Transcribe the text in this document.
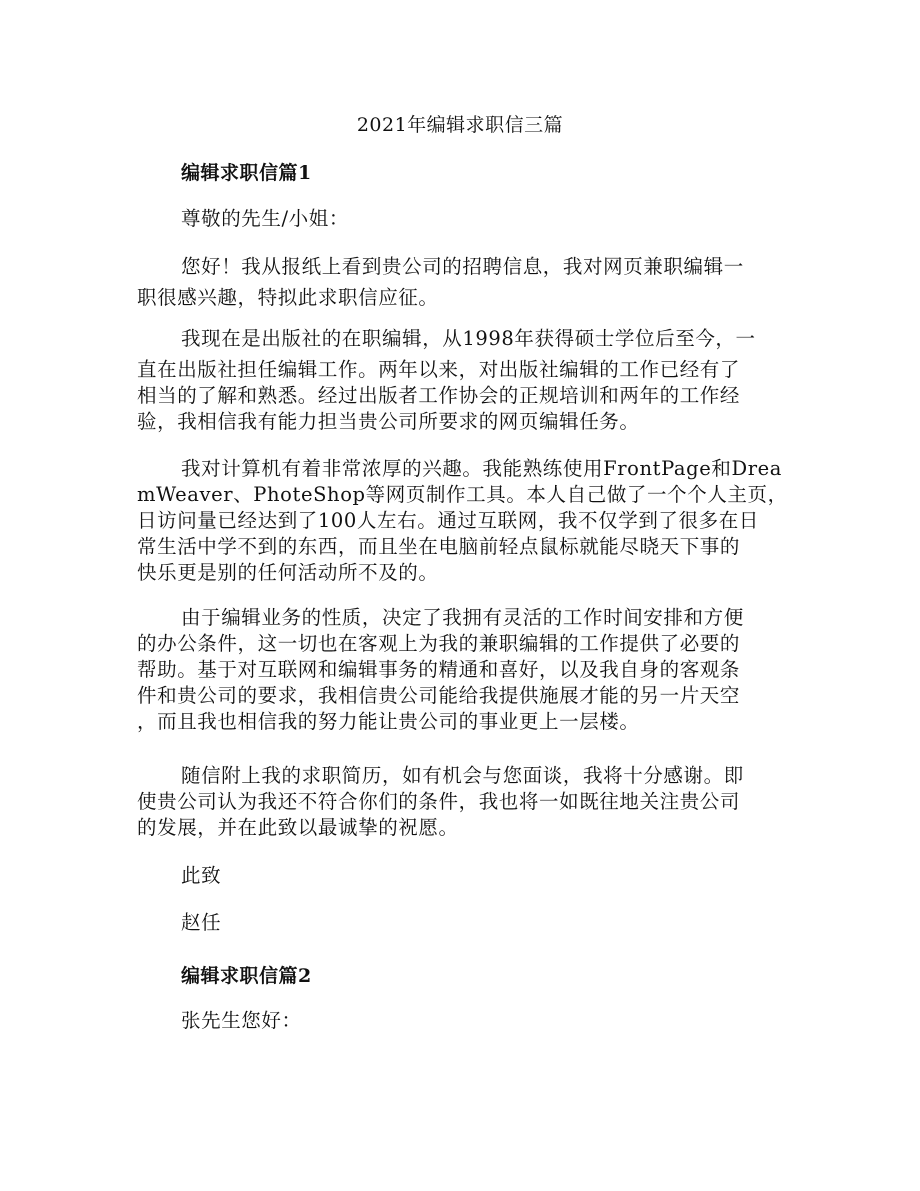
2021年编辑求职信三篇
编辑求职信篇1
尊敬的先生/小姐：
您好！我从报纸上看到贵公司的招聘信息，我对网页兼职编辑一
职很感兴趣，特拟此求职信应征。
我现在是出版社的在职编辑，从1998年获得硕士学位后至今，一
直在出版社担任编辑工作。两年以来，对出版社编辑的工作已经有了
相当的了解和熟悉。经过出版者工作协会的正规培训和两年的工作经
验，我相信我有能力担当贵公司所要求的网页编辑任务。
我对计算机有着非常浓厚的兴趣。我能熟练使用FrontPage和Drea
mWeaver、PhoteShop等网页制作工具。本人自己做了一个个人主页，
日访问量已经达到了100人左右。通过互联网，我不仅学到了很多在日
常生活中学不到的东西，而且坐在电脑前轻点鼠标就能尽晓天下事的
快乐更是别的任何活动所不及的。
由于编辑业务的性质，决定了我拥有灵活的工作时间安排和方便
的办公条件，这一切也在客观上为我的兼职编辑的工作提供了必要的
帮助。基于对互联网和编辑事务的精通和喜好，以及我自身的客观条
件和贵公司的要求，我相信贵公司能给我提供施展才能的另一片天空
，而且我也相信我的努力能让贵公司的事业更上一层楼。
随信附上我的求职简历，如有机会与您面谈，我将十分感谢。即
使贵公司认为我还不符合你们的条件，我也将一如既往地关注贵公司
的发展，并在此致以最诚挚的祝愿。
此致
赵任
编辑求职信篇2
张先生您好：
